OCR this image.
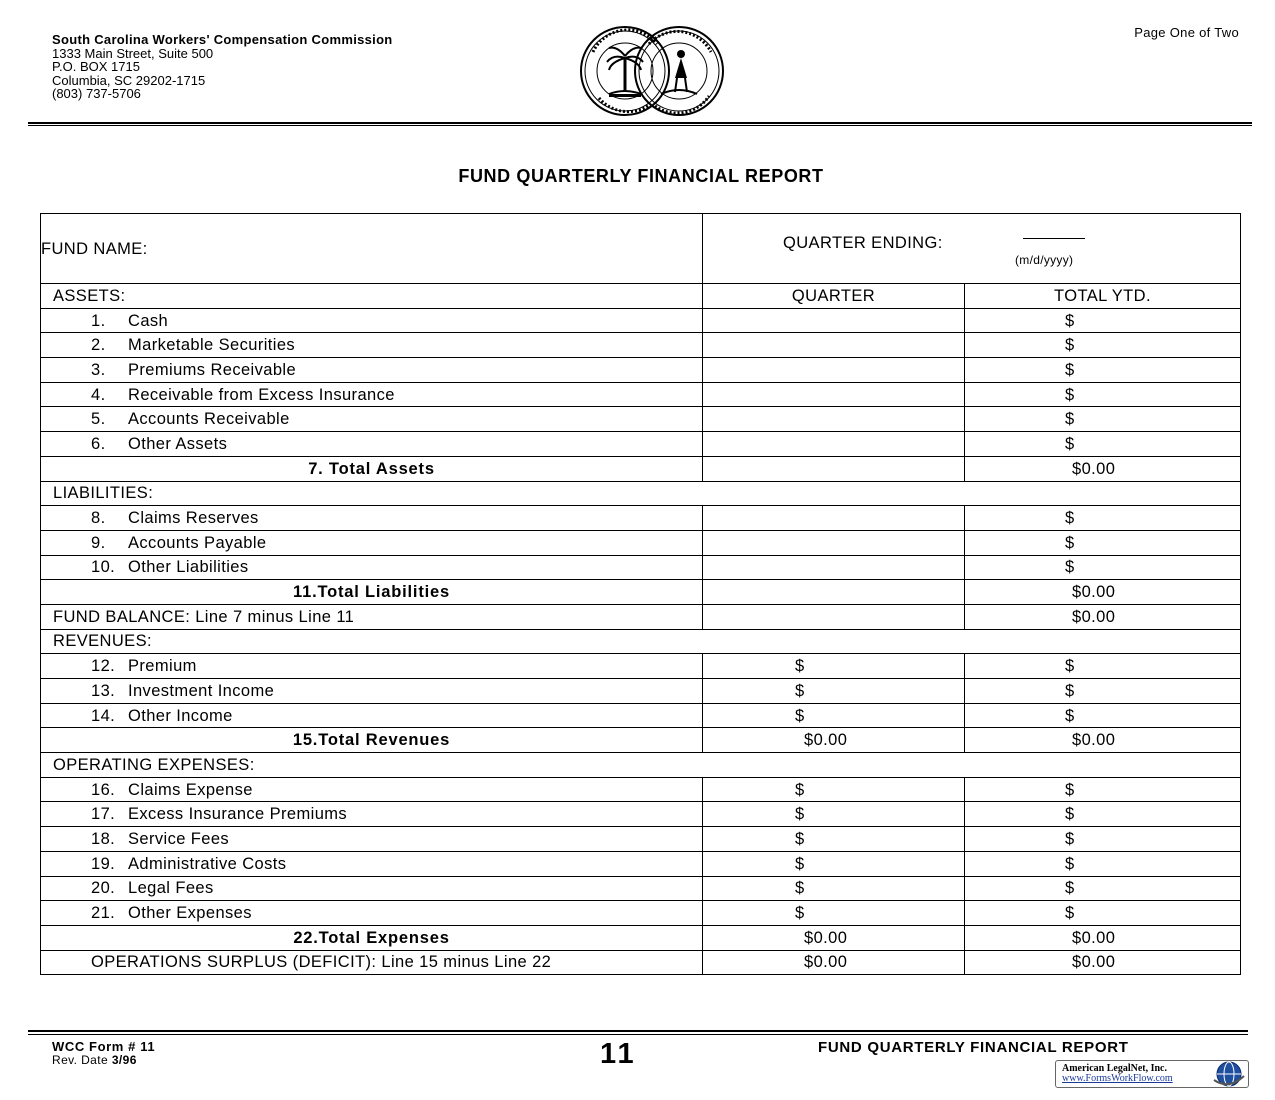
South Carolina Workers' Compensation Commission
1333 Main Street, Suite 500
P.O. BOX 1715
Columbia, SC 29202-1715
(803) 737-5706
Page One of Two
FUND QUARTERLY FINANCIAL REPORT
FUND NAME:	QUARTER ENDING:
(m/d/yyyy)	

ASSETS:	QUARTER	TOTAL YTD.
1. Cash		$
2. Marketable Securities		$
3. Premiums Receivable		$
4. Receivable from Excess Insurance		$
5. Accounts Receivable		$
6. Other Assets		$
7. Total Assets		$0.00
LIABILITIES:		
8. Claims Reserves		$
9. Accounts Payable		$
10. Other Liabilities		$
11.Total Liabilities		$0.00
FUND BALANCE: Line 7 minus Line 11		$0.00
REVENUES:		
12. Premium	$	$
13. Investment Income	$	$
14. Other Income	$	$
15.Total Revenues	$0.00	$0.00
OPERATING EXPENSES:		
16. Claims Expense	$	$
17. Excess Insurance Premiums	$	$
18. Service Fees	$	$
19. Administrative Costs	$	$
20. Legal Fees	$	$
21. Other Expenses	$	$
22.Total Expenses	$0.00	$0.00
OPERATIONS SURPLUS (DEFICIT): Line 15 minus Line 22	$0.00	$0.00
WCC Form # 11
Rev. Date 3/96	11	FUND QUARTERLY FINANCIAL REPORT
American LegalNet, Inc.
www.FormsWorkFlow.com
